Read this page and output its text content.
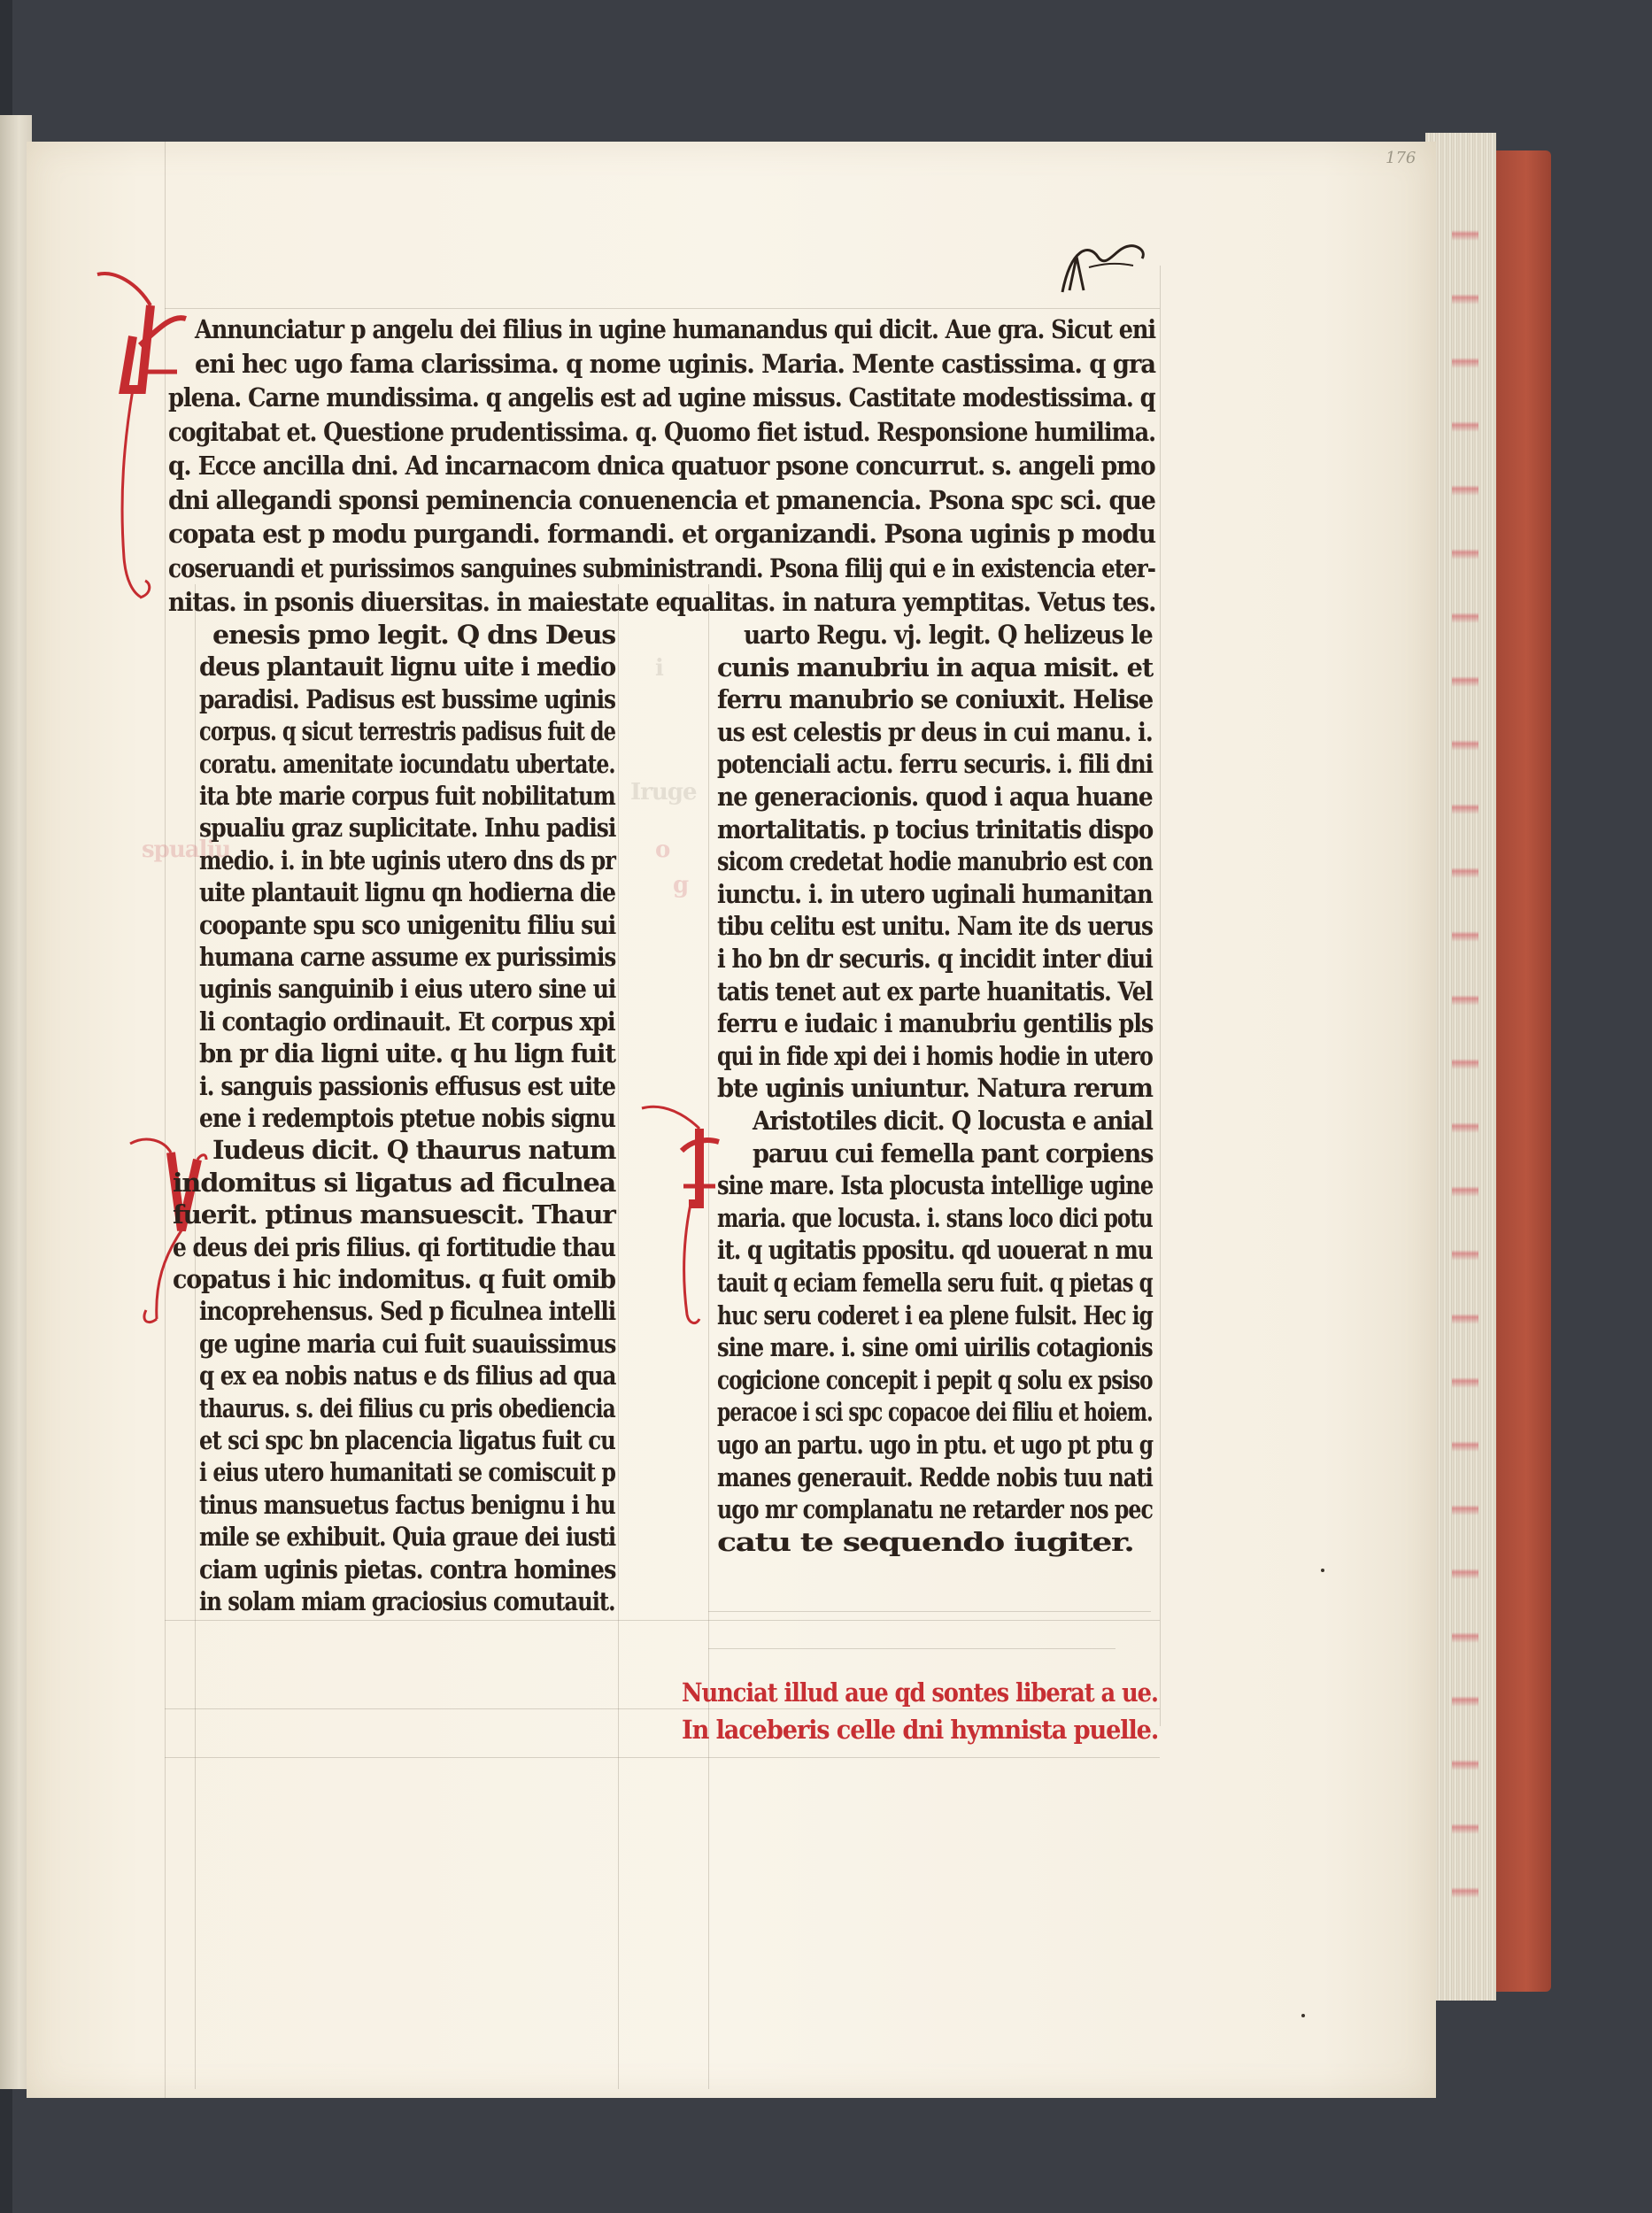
176
spualiu	o
g
Iruge
i
Annunciatur p angelu dei filius in ugine humanandus qui dicit. Aue gra. Sicut eni
eni hec ugo fama clarissima. q nome uginis. Maria. Mente castissima. q gra
plena. Carne mundissima. q angelis est ad ugine missus. Castitate modestissima. q
cogitabat et. Questione prudentissima. q. Quomo fiet istud. Responsione humilima.
q. Ecce ancilla dni. Ad incarnacom dnica quatuor psone concurrut. s. angeli pmo
dni allegandi sponsi peminencia conuenencia et pmanencia. Psona spc sci. que
copata est p modu purgandi. formandi. et organizandi. Psona uginis p modu
coseruandi et purissimos sanguines subministrandi. Psona filij qui e in existencia eter-
nitas. in psonis diuersitas. in maiestate equalitas. in natura yemptitas. Vetus tes.
enesis pmo legit. Q dns Deus
deus plantauit lignu uite i medio
paradisi. Padisus est bussime uginis
corpus. q sicut terrestris padisus fuit de
coratu. amenitate iocundatu ubertate.
ita bte marie corpus fuit nobilitatum
spualiu graz suplicitate. Inhu padisi
medio. i. in bte uginis utero dns ds pr
uite plantauit lignu qn hodierna die
coopante spu sco unigenitu filiu sui
humana carne assume ex purissimis
uginis sanguinib i eius utero sine ui
li contagio ordinauit. Et corpus xpi
bn pr dia ligni uite. q hu lign fuit
i. sanguis passionis effusus est uite
ene i redemptois ptetue nobis signu
Iudeus dicit. Q thaurus natum
indomitus si ligatus ad ficulnea
fuerit. ptinus mansuescit. Thaur
e deus dei pris filius. qi fortitudie thau
copatus i hic indomitus. q fuit omib
incoprehensus. Sed p ficulnea intelli
ge ugine maria cui fuit suauissimus
q ex ea nobis natus e ds filius ad qua
thaurus. s. dei filius cu pris obediencia
et sci spc bn placencia ligatus fuit cu
i eius utero humanitati se comiscuit p
tinus mansuetus factus benignu i hu
mile se exhibuit. Quia graue dei iusti
ciam uginis pietas. contra homines
in solam miam graciosius comutauit.
uarto Regu. vj. legit. Q helizeus le
cunis manubriu in aqua misit. et
ferru manubrio se coniuxit. Helise
us est celestis pr deus in cui manu. i.
potenciali actu. ferru securis. i. fili dni
ne generacionis. quod i aqua huane
mortalitatis. p tocius trinitatis dispo
sicom credetat hodie manubrio est con
iunctu. i. in utero uginali humanitan
tibu celitu est unitu. Nam ite ds uerus
i ho bn dr securis. q incidit inter diui
tatis tenet aut ex parte huanitatis. Vel
ferru e iudaic i manubriu gentilis pls
qui in fide xpi dei i homis hodie in utero
bte uginis uniuntur. Natura rerum
Aristotiles dicit. Q locusta e anial
paruu cui femella pant corpiens
sine mare. Ista plocusta intellige ugine
maria. que locusta. i. stans loco dici potu
it. q ugitatis ppositu. qd uouerat n mu
tauit q eciam femella seru fuit. q pietas q
huc seru coderet i ea plene fulsit. Hec ig
sine mare. i. sine omi uirilis cotagionis
cogicione concepit i pepit q solu ex psiso
peracoe i sci spc copacoe dei filiu et hoiem.
ugo an partu. ugo in ptu. et ugo pt ptu g
manes generauit. Redde nobis tuu nati
ugo mr complanatu ne retarder nos pec
catu te sequendo iugiter.
Nunciat illud aue qd sontes liberat a ue.
In laceberis celle dni hymnista puelle.
